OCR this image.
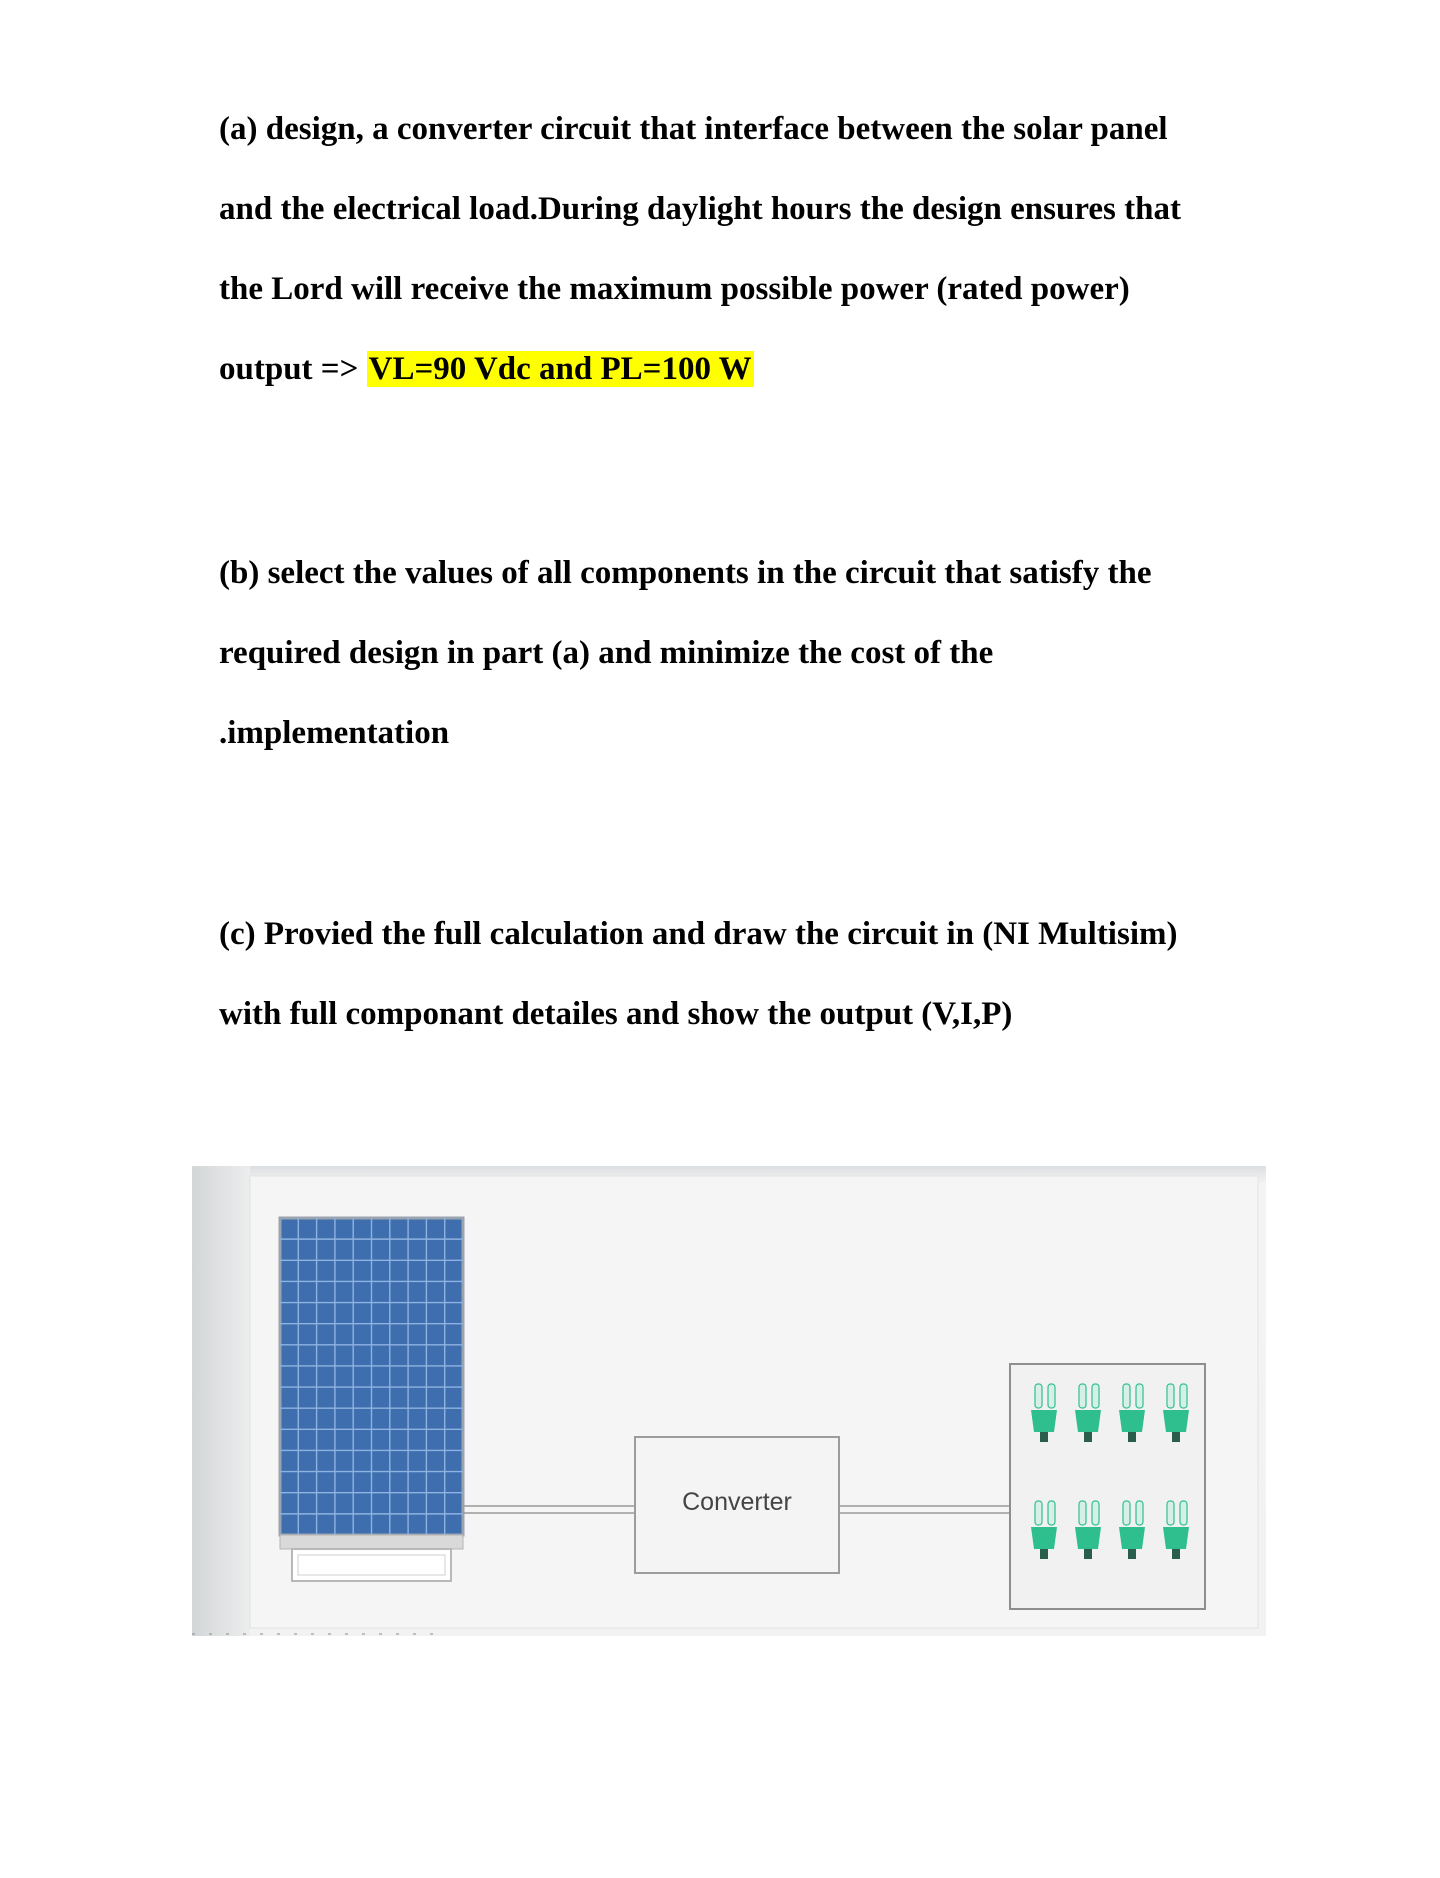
(a) design, a converter circuit that interface between the solar panel
and the electrical load.During daylight hours the design ensures that
the Lord will receive the maximum possible power (rated power)
output => VL=90 Vdc and PL=100 W
(b) select the values of all components in the circuit that satisfy the
required design in part (a) and minimize the cost of the
.implementation
(c) Provied the full calculation and draw the circuit in (NI Multisim)
with full componant detailes and show the output (V,I,P)
Converter
